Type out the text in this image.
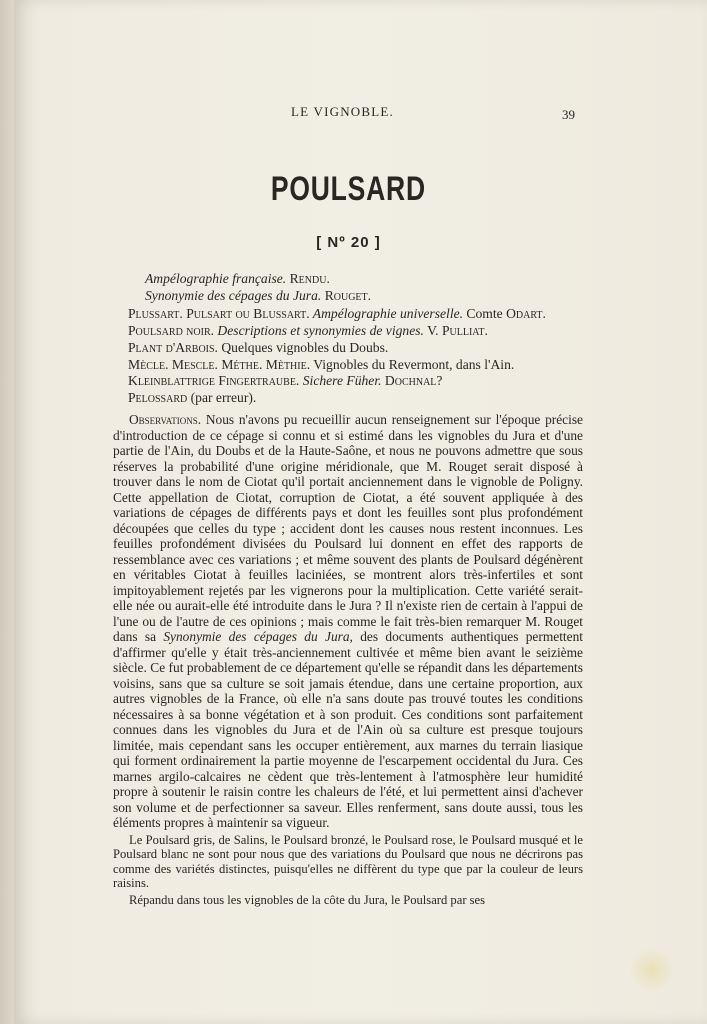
LE VIGNOBLE.	39
POULSARD
[ Nº 20 ]
Ampélographie française. Rendu.
Synonymie des cépages du Jura. Rouget.
Plussart. Pulsart ou Blussart. Ampélographie universelle. Comte Odart.
Poulsard noir. Descriptions et synonymies de vignes. V. Pulliat.
Plant d'Arbois. Quelques vignobles du Doubs.
Mècle. Mescle. Méthe. Mèthie. Vignobles du Revermont, dans l'Ain.
Kleinblattrige Fingertraube. Sichere Füher. Dochnal?
Pelossard (par erreur).

Observations. Nous n'avons pu recueillir aucun renseignement sur l'époque précise d'introduction de ce cépage si connu et si estimé dans les vignobles du Jura et d'une partie de l'Ain, du Doubs et de la Haute-Saône, et nous ne pouvons admettre que sous réserves la probabilité d'une origine méridionale, que M. Rouget serait disposé à trouver dans le nom de Ciotat qu'il portait anciennement dans le vignoble de Poligny. Cette appellation de Ciotat, corruption de Ciotat, a été souvent appliquée à des variations de cépages de différents pays et dont les feuilles sont plus profondément découpées que celles du type ; accident dont les causes nous restent inconnues. Les feuilles profondément divisées du Poulsard lui donnent en effet des rapports de ressemblance avec ces variations ; et même souvent des plants de Poulsard dégénèrent en véritables Ciotat à feuilles laciniées, se montrent alors très-infertiles et sont impitoyablement rejetés par les vignerons pour la multiplication. Cette variété serait-elle née ou aurait-elle été introduite dans le Jura ? Il n'existe rien de certain à l'appui de l'une ou de l'autre de ces opinions ; mais comme le fait très-bien remarquer M. Rouget dans sa Synonymie des cépages du Jura, des documents authentiques permettent d'affirmer qu'elle y était très-anciennement cultivée et même bien avant le seizième siècle. Ce fut probablement de ce département qu'elle se répandit dans les départements voisins, sans que sa culture se soit jamais étendue, dans une certaine proportion, aux autres vignobles de la France, où elle n'a sans doute pas trouvé toutes les conditions nécessaires à sa bonne végétation et à son produit. Ces conditions sont parfaitement connues dans les vignobles du Jura et de l'Ain où sa culture est presque toujours limitée, mais cependant sans les occuper entièrement, aux marnes du terrain liasique qui forment ordinairement la partie moyenne de l'escarpement occidental du Jura. Ces marnes argilo-calcaires ne cèdent que très-lentement à l'atmosphère leur humidité propre à soutenir le raisin contre les chaleurs de l'été, et lui permettent ainsi d'achever son volume et de perfectionner sa saveur. Elles renferment, sans doute aussi, tous les éléments propres à maintenir sa vigueur.

Le Poulsard gris, de Salins, le Poulsard bronzé, le Poulsard rose, le Poulsard musqué et le Poulsard blanc ne sont pour nous que des variations du Poulsard que nous ne décrirons pas comme des variétés distinctes, puisqu'elles ne diffèrent du type que par la couleur de leurs raisins.

Répandu dans tous les vignobles de la côte du Jura, le Poulsard par ses
